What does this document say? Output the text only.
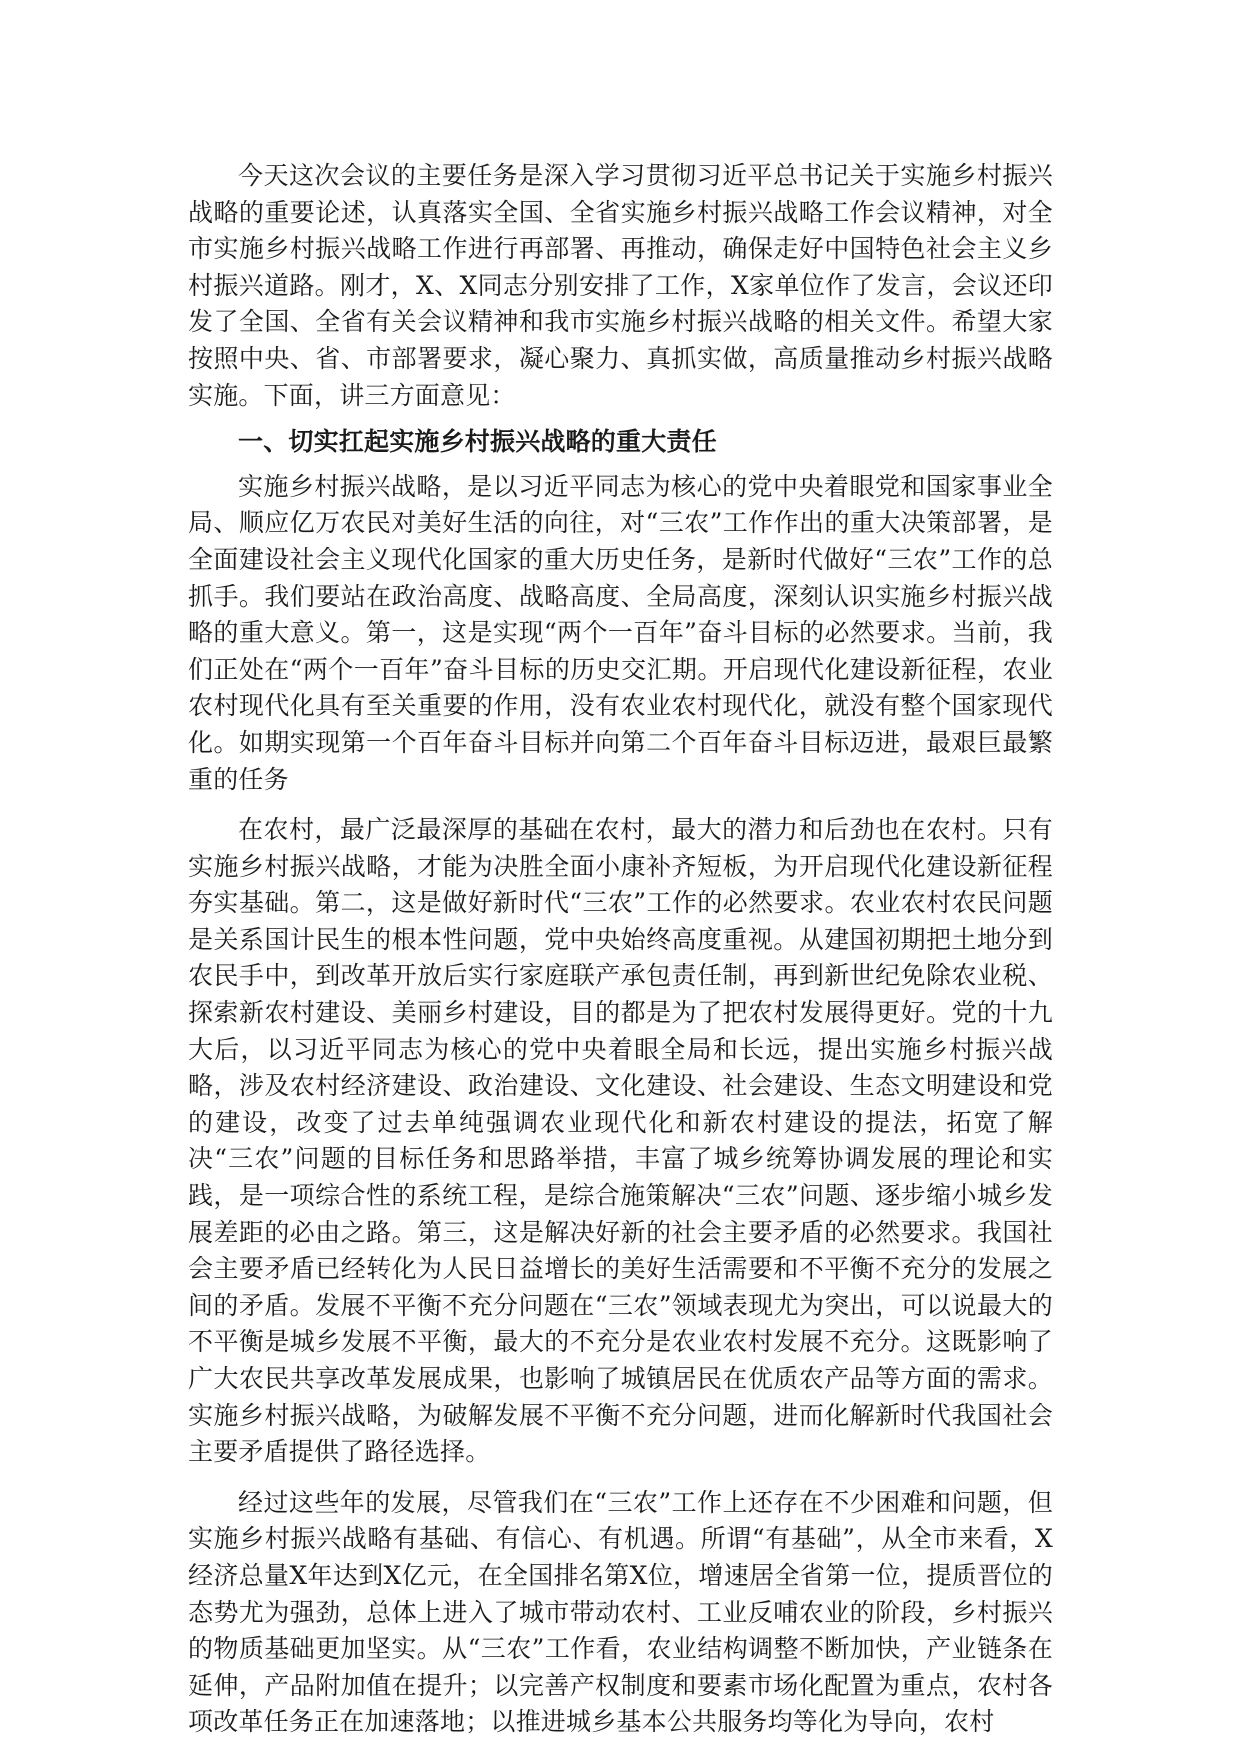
今天这次会议的主要任务是深入学习贯彻习近平总书记关于实施乡村振兴战略的重要论述，认真落实全国、全省实施乡村振兴战略工作会议精神，对全市实施乡村振兴战略工作进行再部署、再推动，确保走好中国特色社会主义乡村振兴道路。刚才，X、X同志分别安排了工作，X家单位作了发言，会议还印发了全国、全省有关会议精神和我市实施乡村振兴战略的相关文件。希望大家按照中央、省、市部署要求，凝心聚力、真抓实做，高质量推动乡村振兴战略实施。下面，讲三方面意见：

一、切实扛起实施乡村振兴战略的重大责任

实施乡村振兴战略，是以习近平同志为核心的党中央着眼党和国家事业全局、顺应亿万农民对美好生活的向往，对“三农”工作作出的重大决策部署，是全面建设社会主义现代化国家的重大历史任务，是新时代做好“三农”工作的总抓手。我们要站在政治高度、战略高度、全局高度，深刻认识实施乡村振兴战略的重大意义。第一，这是实现“两个一百年”奋斗目标的必然要求。当前，我们正处在“两个一百年”奋斗目标的历史交汇期。开启现代化建设新征程，农业农村现代化具有至关重要的作用，没有农业农村现代化，就没有整个国家现代化。如期实现第一个百年奋斗目标并向第二个百年奋斗目标迈进，最艰巨最繁重的任务

在农村，最广泛最深厚的基础在农村，最大的潜力和后劲也在农村。只有实施乡村振兴战略，才能为决胜全面小康补齐短板，为开启现代化建设新征程夯实基础。第二，这是做好新时代“三农”工作的必然要求。农业农村农民问题是关系国计民生的根本性问题，党中央始终高度重视。从建国初期把土地分到农民手中，到改革开放后实行家庭联产承包责任制，再到新世纪免除农业税、探索新农村建设、美丽乡村建设，目的都是为了把农村发展得更好。党的十九大后，以习近平同志为核心的党中央着眼全局和长远，提出实施乡村振兴战略，涉及农村经济建设、政治建设、文化建设、社会建设、生态文明建设和党的建设，改变了过去单纯强调农业现代化和新农村建设的提法，拓宽了解决“三农”问题的目标任务和思路举措，丰富了城乡统筹协调发展的理论和实践，是一项综合性的系统工程，是综合施策解决“三农”问题、逐步缩小城乡发展差距的必由之路。第三，这是解决好新的社会主要矛盾的必然要求。我国社会主要矛盾已经转化为人民日益增长的美好生活需要和不平衡不充分的发展之间的矛盾。发展不平衡不充分问题在“三农”领域表现尤为突出，可以说最大的不平衡是城乡发展不平衡，最大的不充分是农业农村发展不充分。这既影响了广大农民共享改革发展成果，也影响了城镇居民在优质农产品等方面的需求。实施乡村振兴战略，为破解发展不平衡不充分问题，进而化解新时代我国社会主要矛盾提供了路径选择。

经过这些年的发展，尽管我们在“三农”工作上还存在不少困难和问题，但实施乡村振兴战略有基础、有信心、有机遇。所谓“有基础”，从全市来看，X经济总量X年达到X亿元，在全国排名第X位，增速居全省第一位，提质晋位的态势尤为强劲，总体上进入了城市带动农村、工业反哺农业的阶段，乡村振兴的物质基础更加坚实。从“三农”工作看，农业结构调整不断加快，产业链条在延伸，产品附加值在提升；以完善产权制度和要素市场化配置为重点，农村各项改革任务正在加速落地；以推进城乡基本公共服务均等化为导向，农村
